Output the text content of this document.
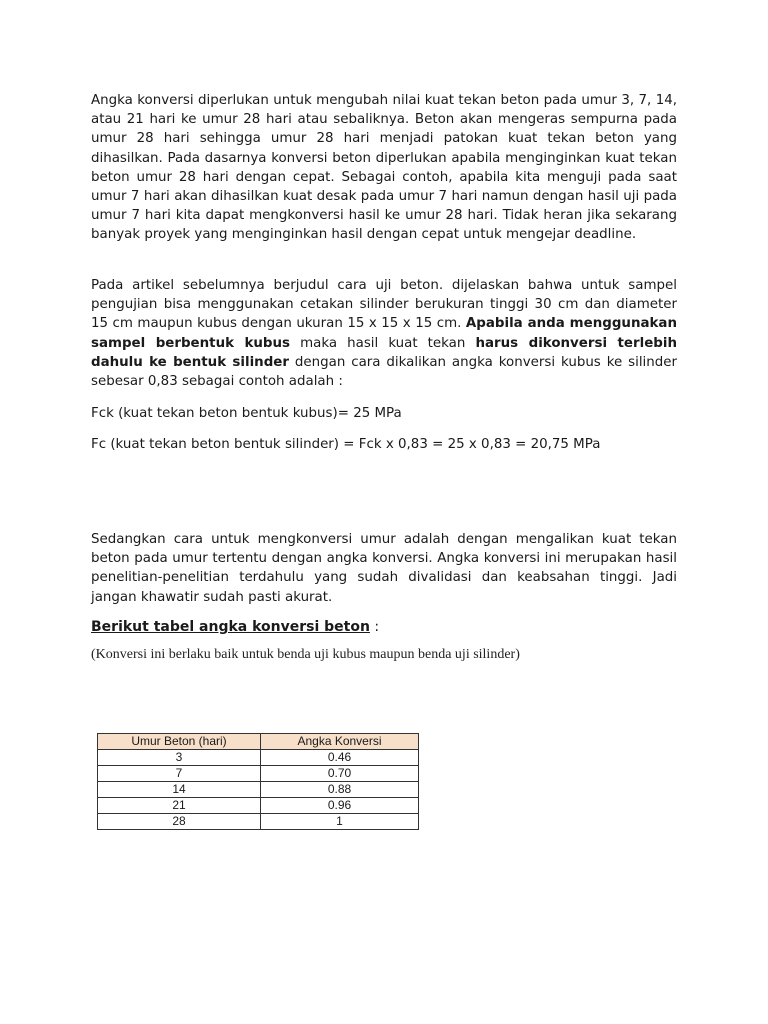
Angka konversi diperlukan untuk mengubah nilai kuat tekan beton pada umur 3, 7, 14, atau 21 hari ke umur 28 hari atau sebaliknya. Beton akan mengeras sempurna pada umur 28 hari sehingga umur 28 hari menjadi patokan kuat tekan beton yang dihasilkan. Pada dasarnya konversi beton diperlukan apabila menginginkan kuat tekan beton umur 28 hari dengan cepat. Sebagai contoh, apabila kita menguji pada saat umur 7 hari akan dihasilkan kuat desak pada umur 7 hari namun dengan hasil uji pada umur 7 hari kita dapat mengkonversi hasil ke umur 28 hari. Tidak heran jika sekarang banyak proyek yang menginginkan hasil dengan cepat untuk mengejar deadline.

Pada artikel sebelumnya berjudul cara uji beton. dijelaskan bahwa untuk sampel pengujian bisa menggunakan cetakan silinder berukuran tinggi 30 cm dan diameter 15 cm maupun kubus dengan ukuran 15 x 15 x 15 cm. Apabila anda menggunakan sampel berbentuk kubus maka hasil kuat tekan harus dikonversi terlebih dahulu ke bentuk silinder dengan cara dikalikan angka konversi kubus ke silinder sebesar 0,83 sebagai contoh adalah :

Fck (kuat tekan beton bentuk kubus)= 25 MPa

Fc (kuat tekan beton bentuk silinder) = Fck x 0,83 = 25 x 0,83 = 20,75 MPa

Sedangkan cara untuk mengkonversi umur adalah dengan mengalikan kuat tekan beton pada umur tertentu dengan angka konversi. Angka konversi ini merupakan hasil penelitian-penelitian terdahulu yang sudah divalidasi dan keabsahan tinggi. Jadi jangan khawatir sudah pasti akurat.

Berikut tabel angka konversi beton :

(Konversi ini berlaku baik untuk benda uji kubus maupun benda uji silinder)

Umur Beton (hari)	Angka Konversi
3	0.46
7	0.70
14	0.88
21	0.96
28	1
